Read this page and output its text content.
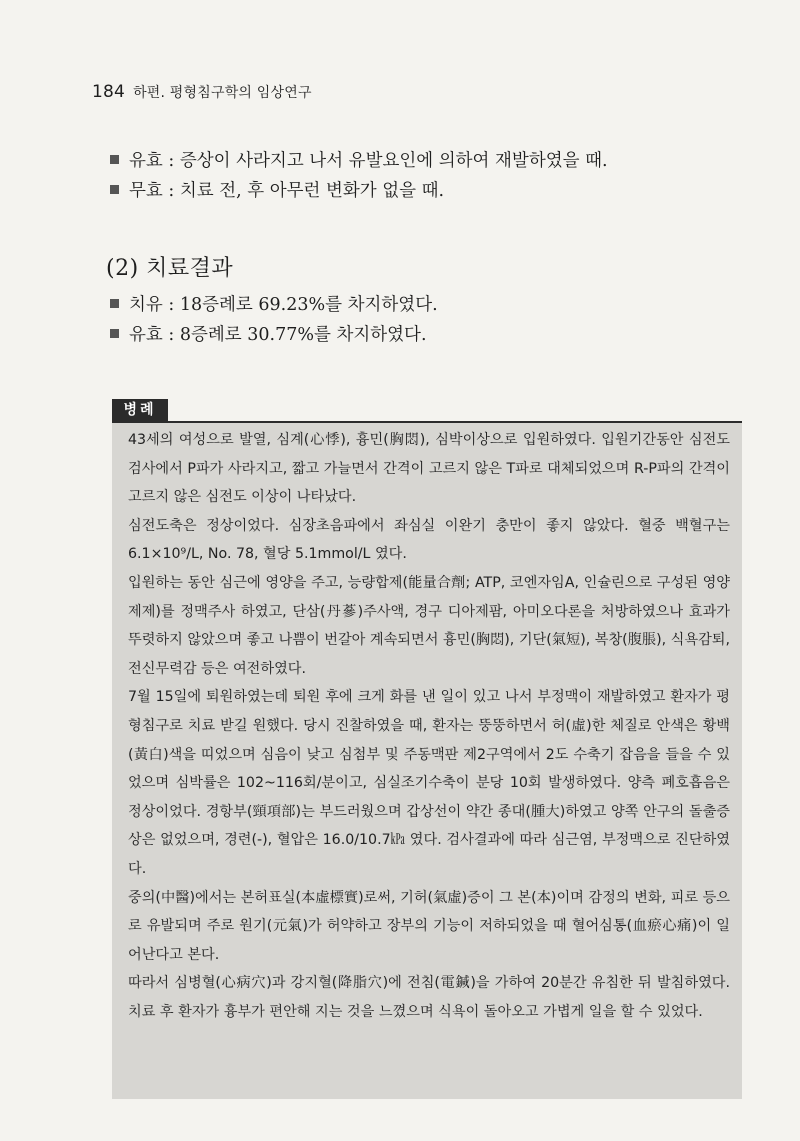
184 하편. 평형침구학의 임상연구
유효 : 증상이 사라지고 나서 유발요인에 의하여 재발하였을 때.
무효 : 치료 전, 후 아무런 변화가 없을 때.
(2) 치료결과
치유 : 18증례로 69.23%를 차지하였다.
유효 : 8증례로 30.77%를 차지하였다.
병례

43세의 여성으로 발열, 심계(心悸), 흉민(胸悶), 심박이상으로 입원하였다. 입원기간동안 심전도검사에서 P파가 사라지고, 짧고 가늘면서 간격이 고르지 않은 T파로 대체되었으며 R-P파의 간격이 고르지 않은 심전도 이상이 나타났다.

심전도축은 정상이었다. 심장초음파에서 좌심실 이완기 충만이 좋지 않았다. 혈중 백혈구는 6.1×10⁹/L, No. 78, 혈당 5.1mmol/L 였다.

입원하는 동안 심근에 영양을 주고, 능량합제(能量合劑; ATP, 코엔자임A, 인슐린으로 구성된 영양제제)를 정맥주사 하였고, 단삼(丹蔘)주사액, 경구 디아제팜, 아미오다론을 처방하였으나 효과가 뚜렷하지 않았으며 좋고 나쁨이 번갈아 계속되면서 흉민(胸悶), 기단(氣短), 복창(腹脹), 식욕감퇴, 전신무력감 등은 여전하였다.

7월 15일에 퇴원하였는데 퇴원 후에 크게 화를 낸 일이 있고 나서 부정맥이 재발하였고 환자가 평형침구로 치료 받길 원했다. 당시 진찰하였을 때, 환자는 뚱뚱하면서 허(虛)한 체질로 안색은 황백(黃白)색을 띠었으며 심음이 낮고 심첨부 및 주동맥판 제2구역에서 2도 수축기 잡음을 들을 수 있었으며 심박률은 102~116회/분이고, 심실조기수축이 분당 10회 발생하였다. 양측 폐호흡음은 정상이었다. 경항부(頸項部)는 부드러웠으며 갑상선이 약간 종대(腫大)하였고 양쪽 안구의 돌출증상은 없었으며, 경련(-), 혈압은 16.0/10.7㎪ 였다. 검사결과에 따라 심근염, 부정맥으로 진단하였다.

중의(中醫)에서는 본허표실(本虛標實)로써, 기허(氣虛)증이 그 본(本)이며 감정의 변화, 피로 등으로 유발되며 주로 원기(元氣)가 허약하고 장부의 기능이 저하되었을 때 혈어심통(血瘀心痛)이 일어난다고 본다.

따라서 심병혈(心病穴)과 강지혈(降脂穴)에 전침(電鍼)을 가하여 20분간 유침한 뒤 발침하였다. 치료 후 환자가 흉부가 편안해 지는 것을 느꼈으며 식욕이 돌아오고 가볍게 일을 할 수 있었다.
